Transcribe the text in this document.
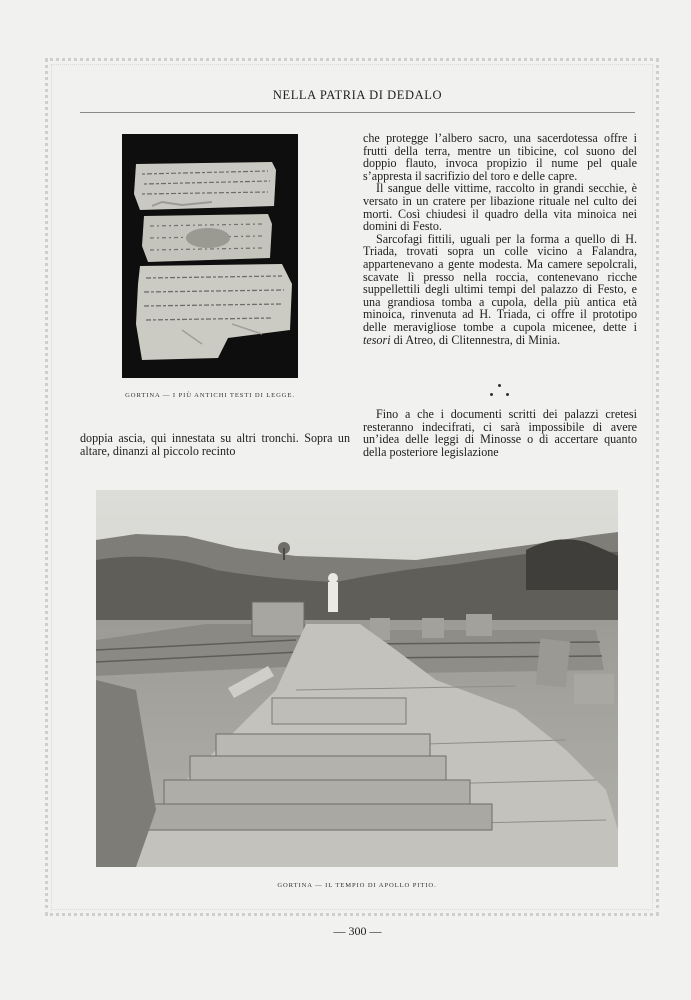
NELLA PATRIA DI DEDALO
GORTINA — I PIÙ ANTICHI TESTI DI LEGGE.

che protegge l’albero sacro, una sacerdotessa offre i frutti della terra, mentre un tibicine, col suono del doppio flauto, invoca propizio il nume pel quale s’appresta il sacrifizio del toro e delle capre.

Il sangue delle vittime, raccolto in grandi secchie, è versato in un cratere per libazione rituale nel culto dei morti. Così chiudesi il quadro della vita minoica nei domini di Festo.

Sarcofagi fittili, uguali per la forma a quello di H. Triada, trovati sopra un colle vicino a Falandra, appartenevano a gente modesta. Ma camere sepolcrali, scavate lì presso nella roccia, contenevano ricche suppellettili degli ultimi tempi del palazzo di Festo, e una grandiosa tomba a cupola, della più antica età minoica, rinvenuta ad H. Triada, ci offre il prototipo delle meravigliose tombe a cupola micenee, dette i tesori di Atreo, di Clitennestra, di Minia.

Fino a che i documenti scritti dei palazzi cretesi resteranno indecifrati, ci sarà impossibile di avere un’idea delle leggi di Minosse o di accertare quanto della posteriore legislazione

doppia ascia, qui innestata su altri tronchi. Sopra un altare, dinanzi al piccolo recinto

GORTINA — IL TEMPIO DI APOLLO PITIO.
— 300 —
